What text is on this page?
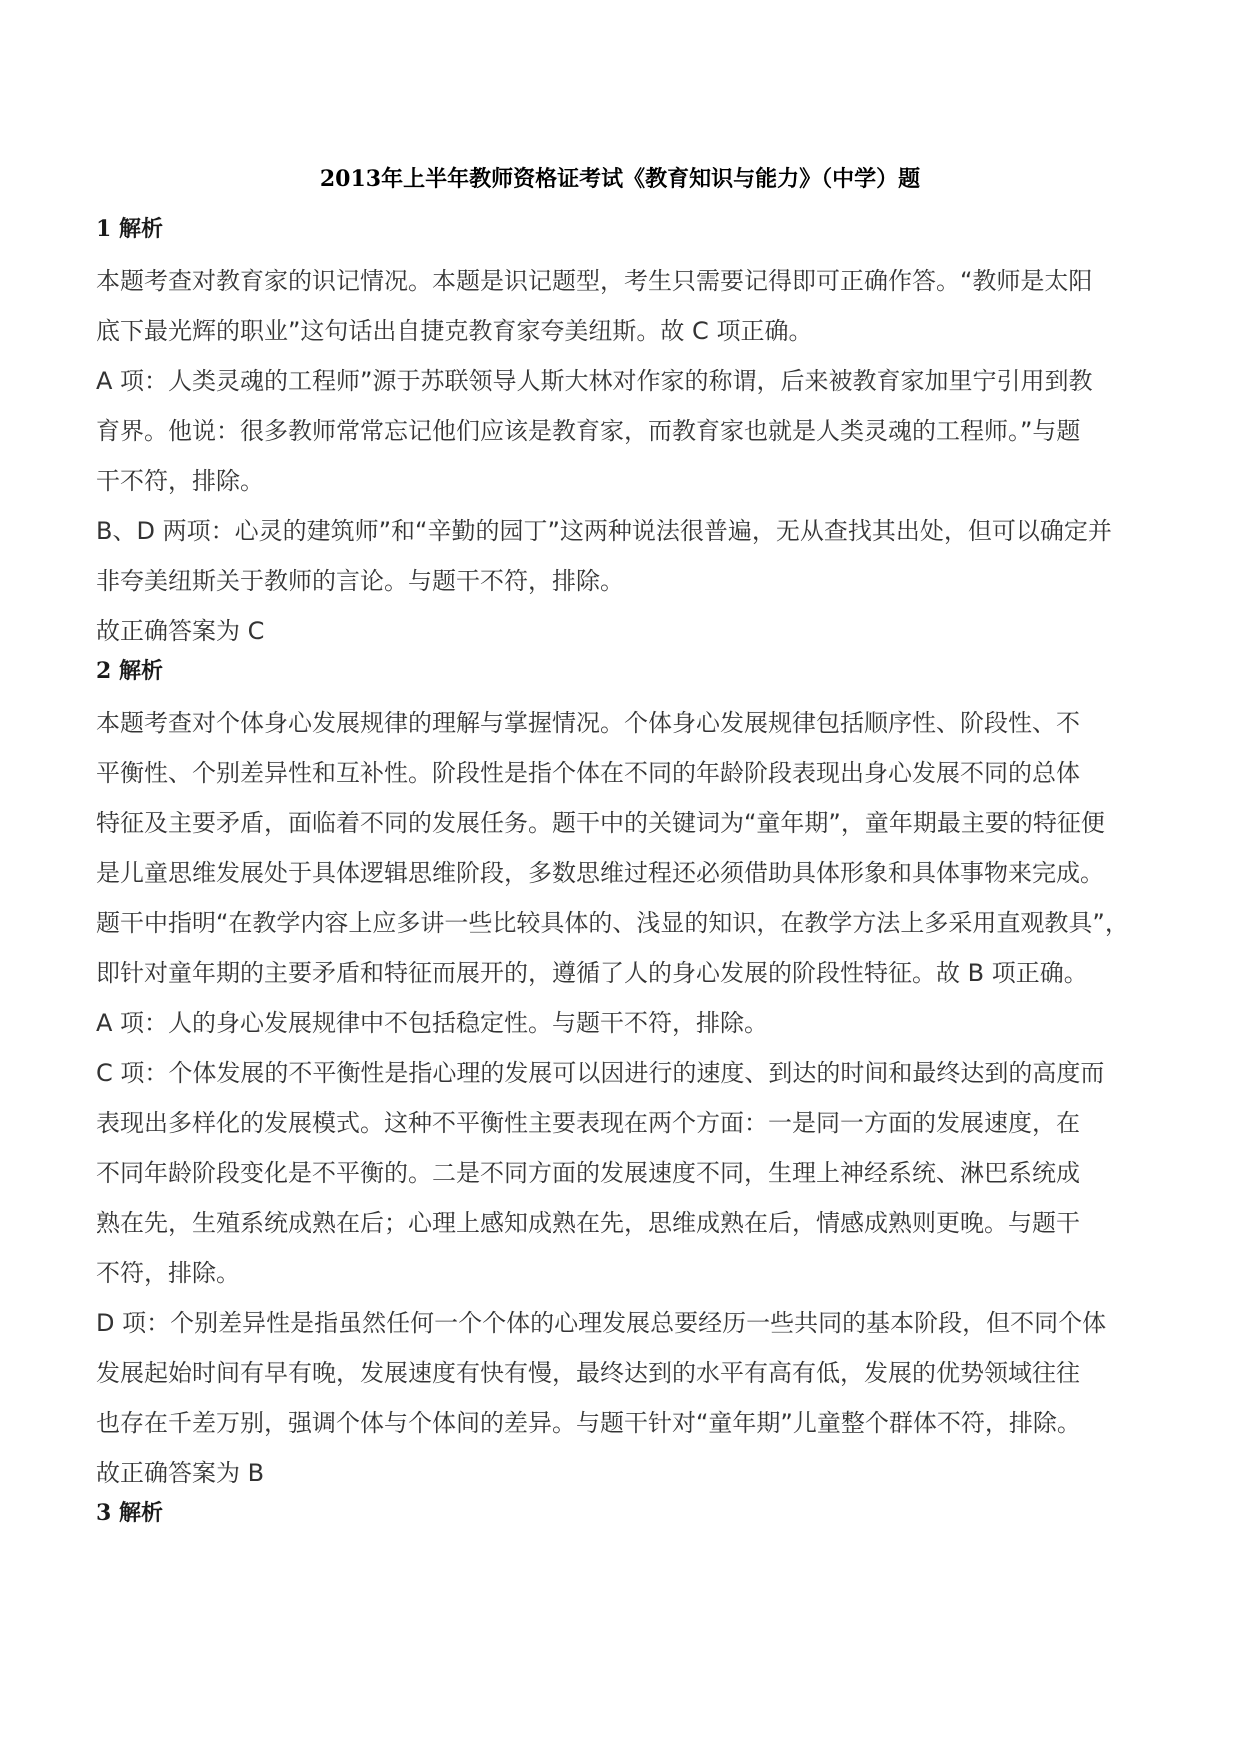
2013年上半年教师资格证考试《教育知识与能力》（中学）题
1 解析

本题考查对教育家的识记情况。本题是识记题型，考生只需要记得即可正确作答。“教师是太阳
底下最光辉的职业”这句话出自捷克教育家夸美纽斯。故 C 项正确。

A 项：人类灵魂的工程师”源于苏联领导人斯大林对作家的称谓，后来被教育家加里宁引用到教
育界。他说：很多教师常常忘记他们应该是教育家，而教育家也就是人类灵魂的工程师。”与题
干不符，排除。

B、D 两项：心灵的建筑师”和“辛勤的园丁”这两种说法很普遍，无从查找其出处，但可以确定并
非夸美纽斯关于教师的言论。与题干不符，排除。

故正确答案为 C

2 解析

本题考查对个体身心发展规律的理解与掌握情况。个体身心发展规律包括顺序性、阶段性、不
平衡性、个别差异性和互补性。阶段性是指个体在不同的年龄阶段表现出身心发展不同的总体
特征及主要矛盾，面临着不同的发展任务。题干中的关键词为“童年期”，童年期最主要的特征便
是儿童思维发展处于具体逻辑思维阶段，多数思维过程还必须借助具体形象和具体事物来完成。
题干中指明“在教学内容上应多讲一些比较具体的、浅显的知识，在教学方法上多采用直观教具”，
即针对童年期的主要矛盾和特征而展开的，遵循了人的身心发展的阶段性特征。故 B 项正确。

A 项：人的身心发展规律中不包括稳定性。与题干不符，排除。

C 项：个体发展的不平衡性是指心理的发展可以因进行的速度、到达的时间和最终达到的高度而
表现出多样化的发展模式。这种不平衡性主要表现在两个方面：一是同一方面的发展速度，在
不同年龄阶段变化是不平衡的。二是不同方面的发展速度不同，生理上神经系统、淋巴系统成
熟在先，生殖系统成熟在后；心理上感知成熟在先，思维成熟在后，情感成熟则更晚。与题干
不符，排除。

D 项：个别差异性是指虽然任何一个个体的心理发展总要经历一些共同的基本阶段，但不同个体
发展起始时间有早有晚，发展速度有快有慢，最终达到的水平有高有低，发展的优势领域往往
也存在千差万别，强调个体与个体间的差异。与题干针对“童年期”儿童整个群体不符，排除。

故正确答案为 B

3 解析
